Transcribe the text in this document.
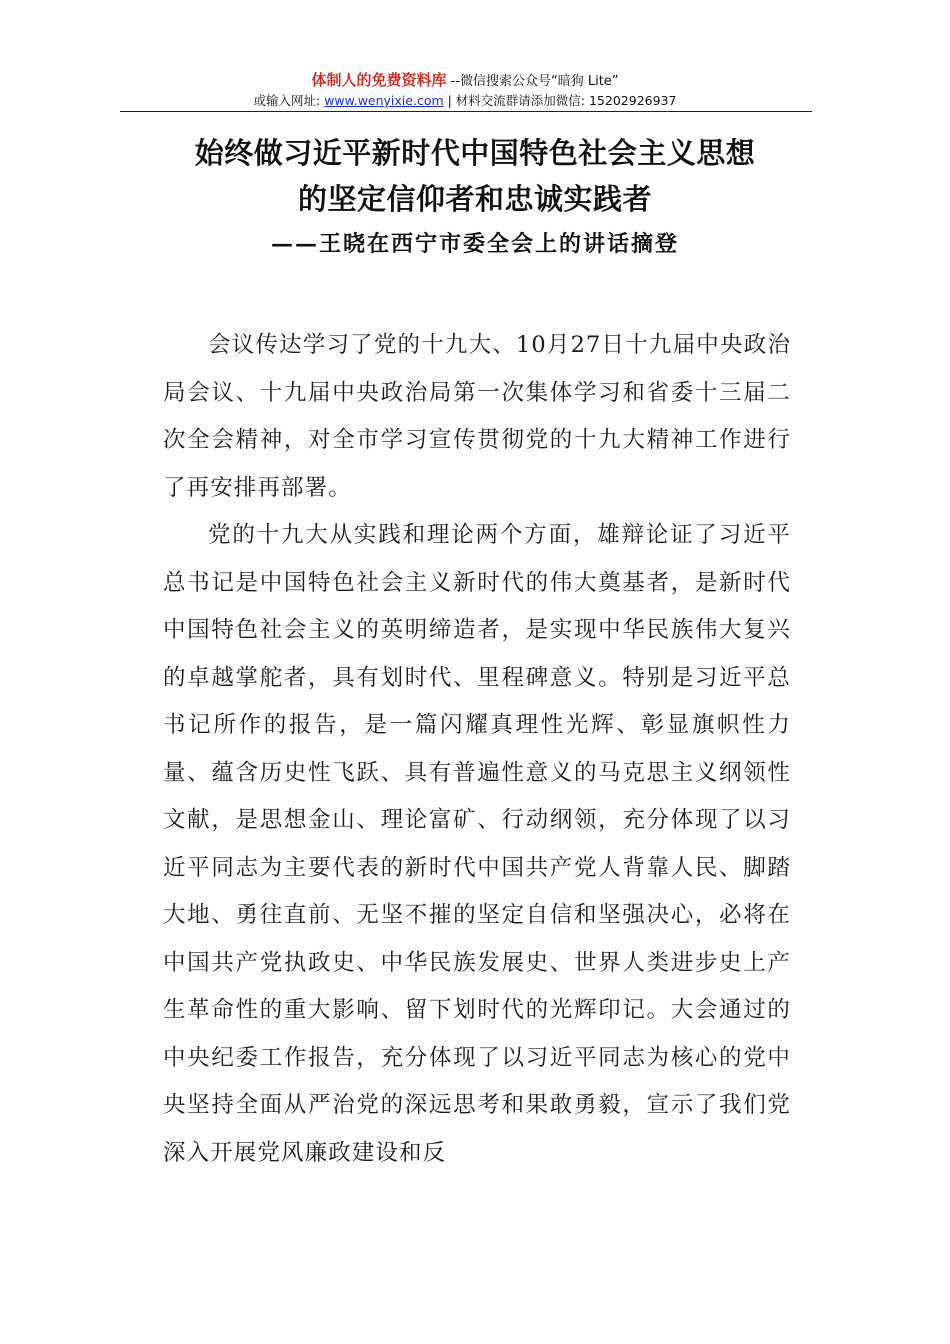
体制人的免费资料库 --微信搜索公众号“暗狗 Lite”
或输入网址: www.wenyixie.com | 材料交流群请添加微信: 15202926937
始终做习近平新时代中国特色社会主义思想
的坚定信仰者和忠诚实践者
——王晓在西宁市委全会上的讲话摘登

会议传达学习了党的十九大、10月27日十九届中央政治局会议、十九届中央政治局第一次集体学习和省委十三届二次全会精神，对全市学习宣传贯彻党的十九大精神工作进行了再安排再部署。

党的十九大从实践和理论两个方面，雄辩论证了习近平总书记是中国特色社会主义新时代的伟大奠基者，是新时代中国特色社会主义的英明缔造者，是实现中华民族伟大复兴的卓越掌舵者，具有划时代、里程碑意义。特别是习近平总书记所作的报告，是一篇闪耀真理性光辉、彰显旗帜性力量、蕴含历史性飞跃、具有普遍性意义的马克思主义纲领性文献，是思想金山、理论富矿、行动纲领，充分体现了以习近平同志为主要代表的新时代中国共产党人背靠人民、脚踏大地、勇往直前、无坚不摧的坚定自信和坚强决心，必将在中国共产党执政史、中华民族发展史、世界人类进步史上产生革命性的重大影响、留下划时代的光辉印记。大会通过的中央纪委工作报告，充分体现了以习近平同志为核心的党中央坚持全面从严治党的深远思考和果敢勇毅，宣示了我们党深入开展党风廉政建设和反
